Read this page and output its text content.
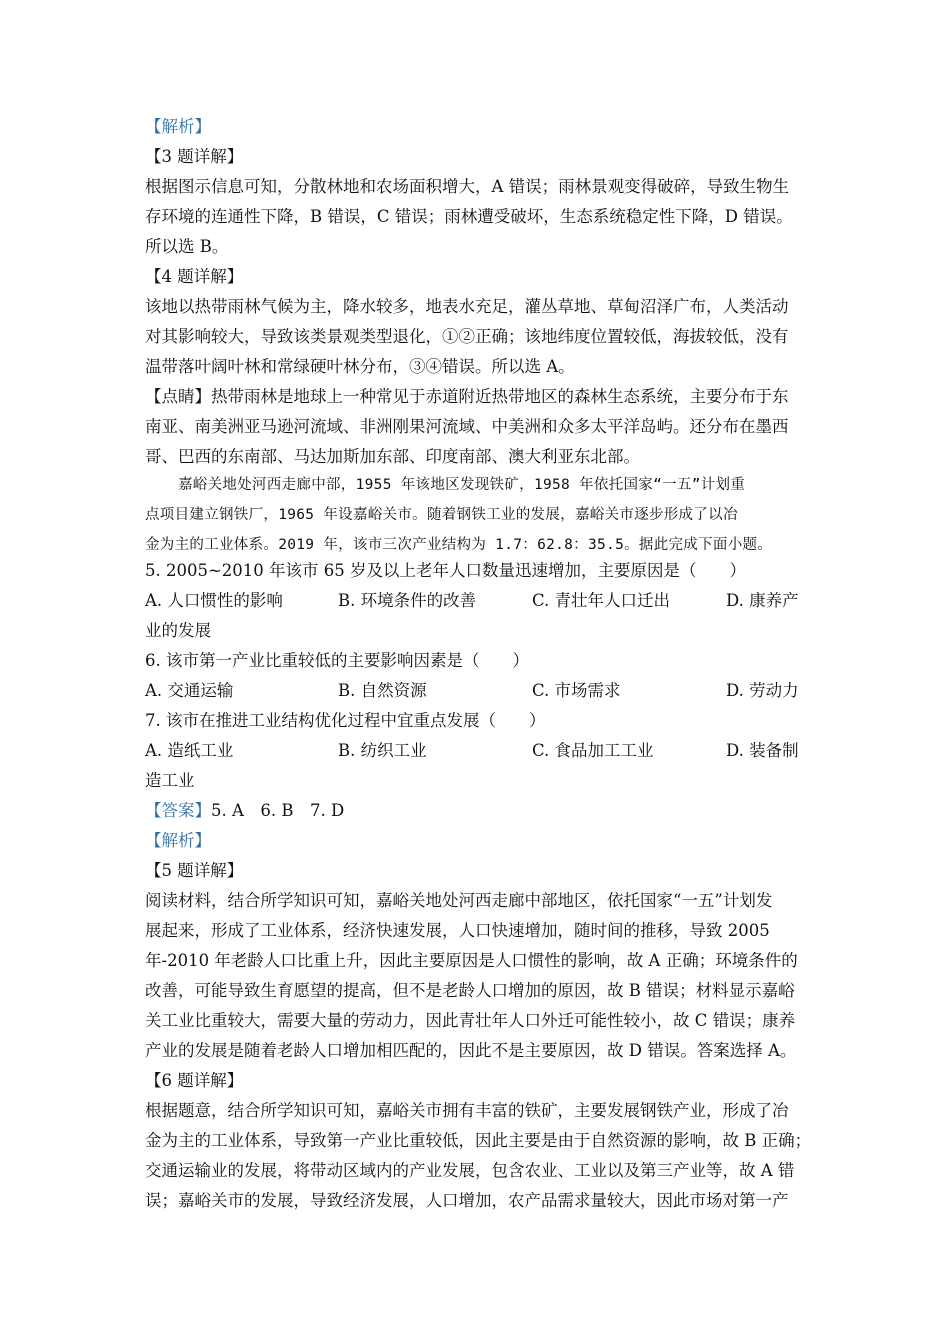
【解析】
【3 题详解】
根据图示信息可知，分散林地和农场面积增大，A 错误；雨林景观变得破碎，导致生物生
存环境的连通性下降，B 错误，C 错误；雨林遭受破坏，生态系统稳定性下降，D 错误。
所以选 B。
【4 题详解】
该地以热带雨林气候为主，降水较多，地表水充足，灌丛草地、草甸沼泽广布，人类活动
对其影响较大，导致该类景观类型退化，①②正确；该地纬度位置较低，海拔较低，没有
温带落叶阔叶林和常绿硬叶林分布，③④错误。所以选 A。
【点睛】热带雨林是地球上一种常见于赤道附近热带地区的森林生态系统，主要分布于东
南亚、南美洲亚马逊河流域、非洲刚果河流域、中美洲和众多太平洋岛屿。还分布在墨西
哥、巴西的东南部、马达加斯加东部、印度南部、澳大利亚东北部。
嘉峪关地处河西走廊中部，1955 年该地区发现铁矿，1958 年依托国家“一五”计划重
点项目建立钢铁厂，1965 年设嘉峪关市。随着钢铁工业的发展，嘉峪关市逐步形成了以冶
金为主的工业体系。2019 年，该市三次产业结构为 1.7：62.8：35.5。据此完成下面小题。
5. 2005~2010 年该市 65 岁及以上老年人口数量迅速增加，主要原因是（　　）
A. 人口惯性的影响	B. 环境条件的改善	C. 青壮年人口迁出	D. 康养产
业的发展
6. 该市第一产业比重较低的主要影响因素是（　　）
A. 交通运输	B. 自然资源	C. 市场需求	D. 劳动力
7. 该市在推进工业结构优化过程中宜重点发展（　　）
A. 造纸工业	B. 纺织工业	C. 食品加工工业	D. 装备制
造工业
【答案】5. A　6. B　7. D
【解析】
【5 题详解】
阅读材料，结合所学知识可知，嘉峪关地处河西走廊中部地区，依托国家“一五”计划发
展起来，形成了工业体系，经济快速发展，人口快速增加，随时间的推移，导致 2005
年-2010 年老龄人口比重上升，因此主要原因是人口惯性的影响，故 A 正确；环境条件的
改善，可能导致生育愿望的提高，但不是老龄人口增加的原因，故 B 错误；材料显示嘉峪
关工业比重较大，需要大量的劳动力，因此青壮年人口外迁可能性较小，故 C 错误；康养
产业的发展是随着老龄人口增加相匹配的，因此不是主要原因，故 D 错误。答案选择 A。
【6 题详解】
根据题意，结合所学知识可知，嘉峪关市拥有丰富的铁矿，主要发展钢铁产业，形成了冶
金为主的工业体系，导致第一产业比重较低，因此主要是由于自然资源的影响，故 B 正确；
交通运输业的发展，将带动区域内的产业发展，包含农业、工业以及第三产业等，故 A 错
误；嘉峪关市的发展，导致经济发展，人口增加，农产品需求量较大，因此市场对第一产
